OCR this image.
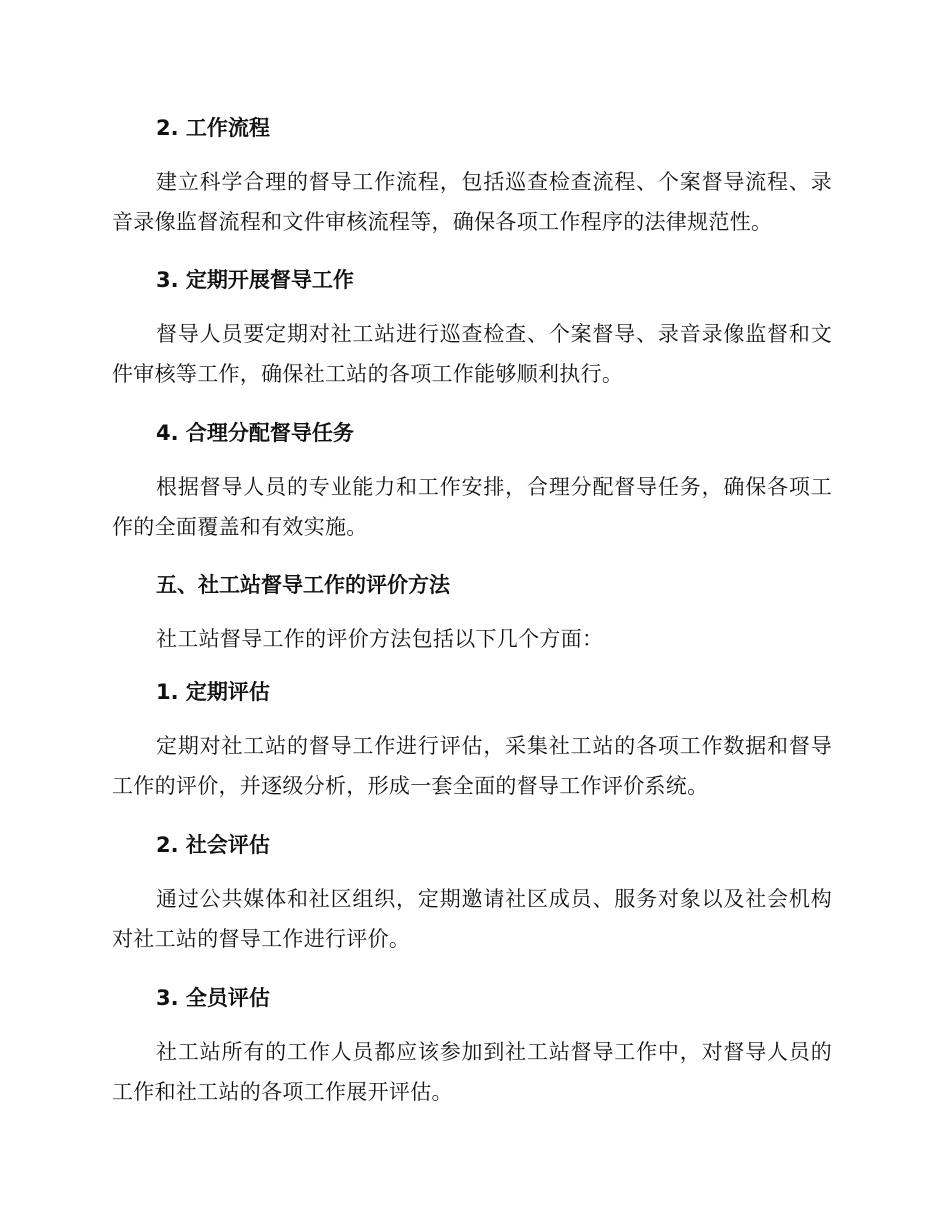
2. 工作流程

建立科学合理的督导工作流程，包括巡查检查流程、个案督导流程、录音录像监督流程和文件审核流程等，确保各项工作程序的法律规范性。

3. 定期开展督导工作

督导人员要定期对社工站进行巡查检查、个案督导、录音录像监督和文件审核等工作，确保社工站的各项工作能够顺利执行。

4. 合理分配督导任务

根据督导人员的专业能力和工作安排，合理分配督导任务，确保各项工作的全面覆盖和有效实施。

五、社工站督导工作的评价方法

社工站督导工作的评价方法包括以下几个方面：

1. 定期评估

定期对社工站的督导工作进行评估，采集社工站的各项工作数据和督导工作的评价，并逐级分析，形成一套全面的督导工作评价系统。

2. 社会评估

通过公共媒体和社区组织，定期邀请社区成员、服务对象以及社会机构对社工站的督导工作进行评价。

3. 全员评估

社工站所有的工作人员都应该参加到社工站督导工作中，对督导人员的工作和社工站的各项工作展开评估。
